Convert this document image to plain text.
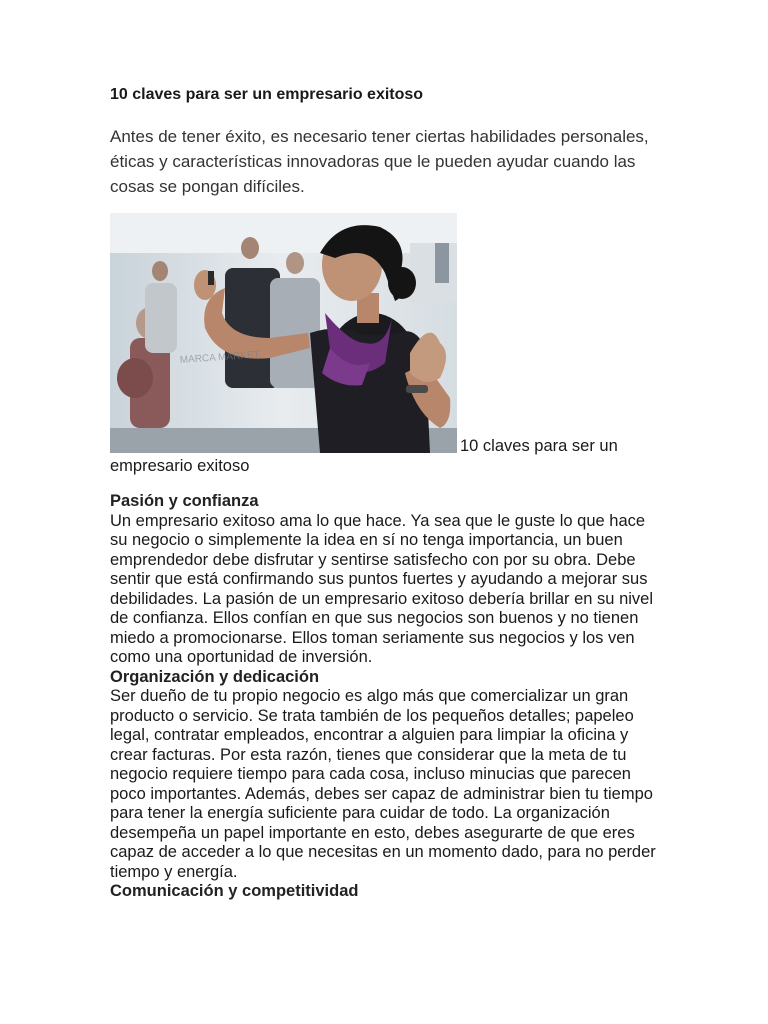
10 claves para ser un empresario exitoso

Antes de tener éxito, es necesario tener ciertas habilidades personales, éticas y características innovadoras que le pueden ayudar cuando las cosas se pongan difíciles.

MARCA MARKET

10 claves para ser un empresario exitoso

Pasión y confianza

Un empresario exitoso ama lo que hace. Ya sea que le guste lo que hace su negocio o simplemente la idea en sí no tenga importancia, un buen emprendedor debe disfrutar y sentirse satisfecho con por su obra. Debe sentir que está confirmando sus puntos fuertes y ayudando a mejorar sus debilidades. La pasión de un empresario exitoso debería brillar en su nivel de confianza. Ellos confían en que sus negocios son buenos y no tienen miedo a promocionarse. Ellos toman seriamente sus negocios y los ven como una oportunidad de inversión.

Organización y dedicación

Ser dueño de tu propio negocio es algo más que comercializar un gran producto o servicio. Se trata también de los pequeños detalles; papeleo legal, contratar empleados, encontrar a alguien para limpiar la oficina y crear facturas. Por esta razón, tienes que considerar que la meta de tu negocio requiere tiempo para cada cosa, incluso minucias que parecen poco importantes. Además, debes ser capaz de administrar bien tu tiempo para tener la energía suficiente para cuidar de todo. La organización desempeña un papel importante en esto, debes asegurarte de que eres capaz de acceder a lo que necesitas en un momento dado, para no perder tiempo y energía.

Comunicación y competitividad
